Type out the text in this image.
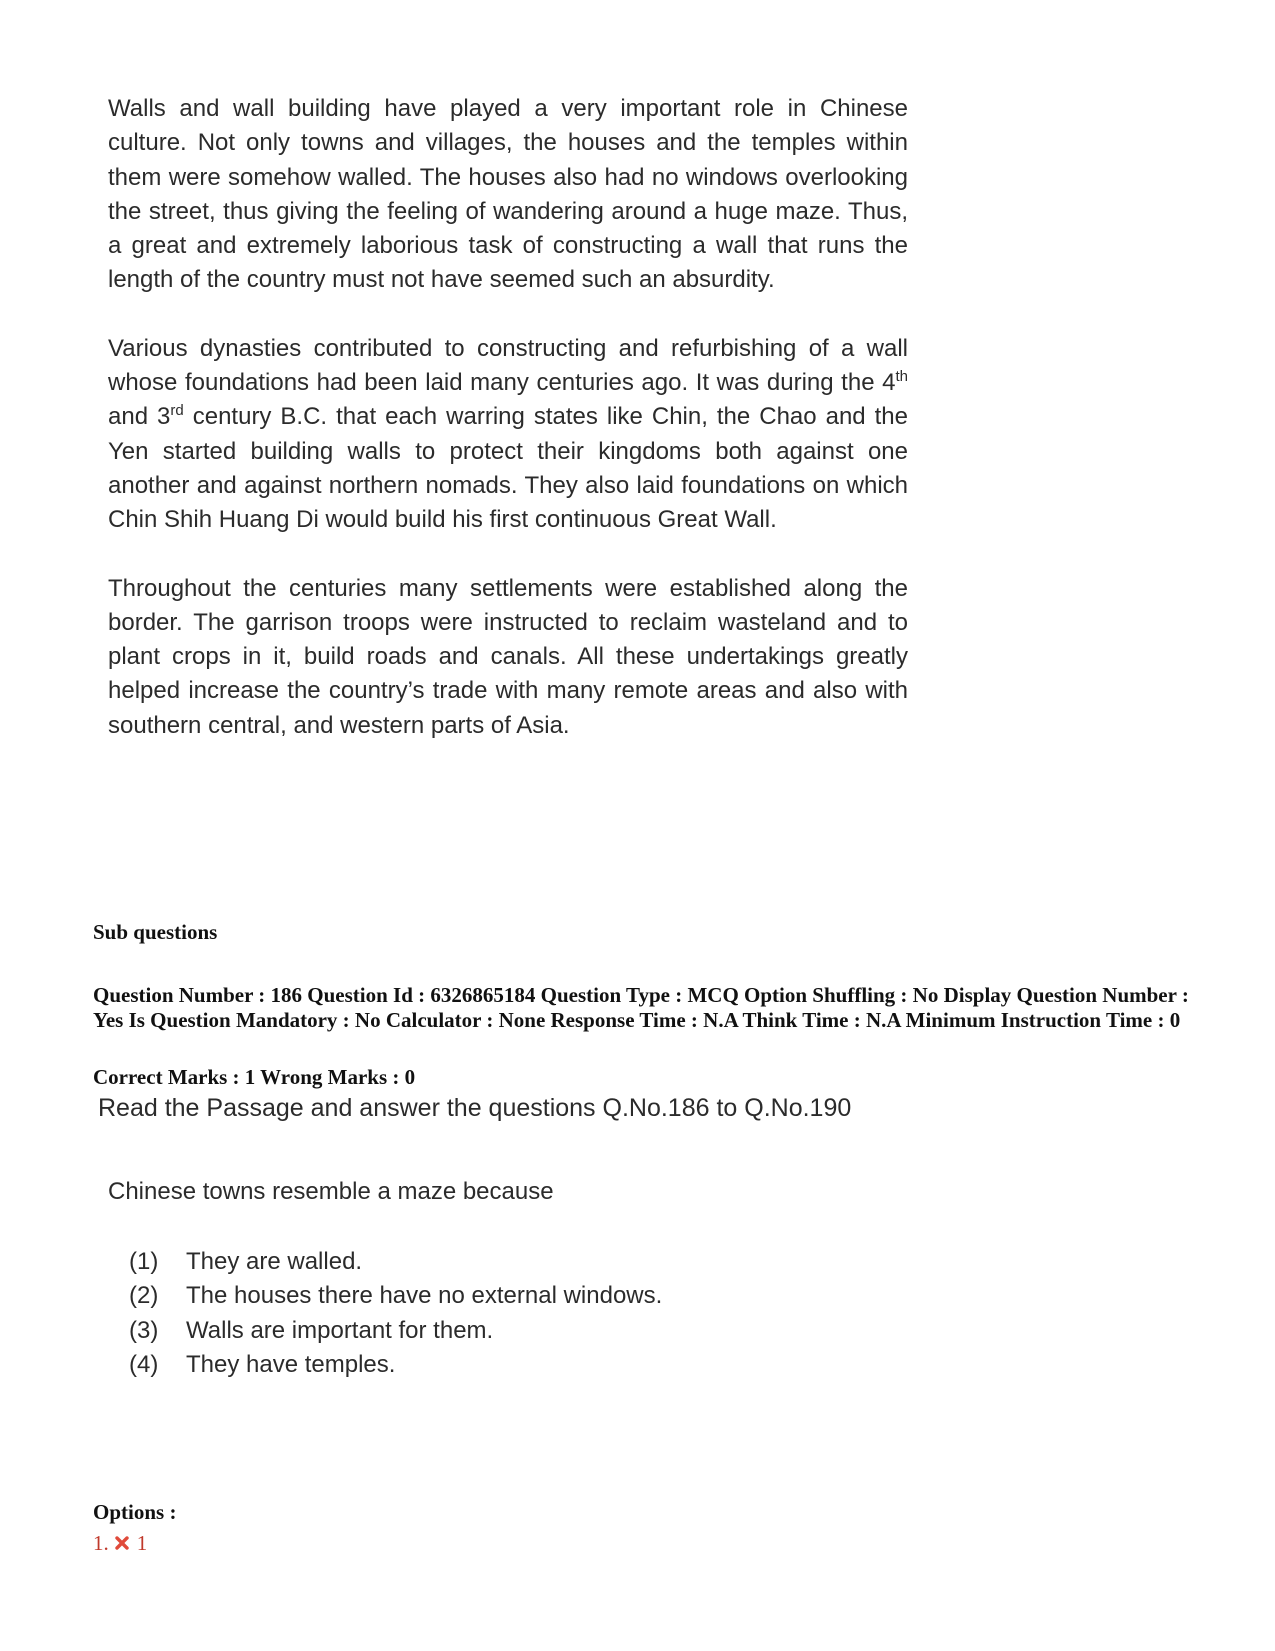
Walls and wall building have played a very important role in Chinese culture. Not only towns and villages, the houses and the temples within them were somehow walled. The houses also had no windows overlooking the street, thus giving the feeling of wandering around a huge maze. Thus, a great and extremely laborious task of constructing a wall that runs the length of the country must not have seemed such an absurdity.

Various dynasties contributed to constructing and refurbishing of a wall whose foundations had been laid many centuries ago. It was during the 4th and 3rd century B.C. that each warring states like Chin, the Chao and the Yen started building walls to protect their kingdoms both against one another and against northern nomads. They also laid foundations on which Chin Shih Huang Di would build his first continuous Great Wall.

Throughout the centuries many settlements were established along the border. The garrison troops were instructed to reclaim wasteland and to plant crops in it, build roads and canals. All these undertakings greatly helped increase the country’s trade with many remote areas and also with southern central, and western parts of Asia.

Sub questions

Question Number : 186 Question Id : 6326865184 Question Type : MCQ Option Shuffling : No Display Question Number : Yes Is Question Mandatory : No Calculator : None Response Time : N.A Think Time : N.A Minimum Instruction Time : 0

Correct Marks : 1 Wrong Marks : 0

Read the Passage and answer the questions Q.No.186 to Q.No.190

Chinese towns resemble a maze because

(1)	They are walled.
(2)	The houses there have no external windows.
(3)	Walls are important for them.
(4)	They have temples.

Options :

1. 1
